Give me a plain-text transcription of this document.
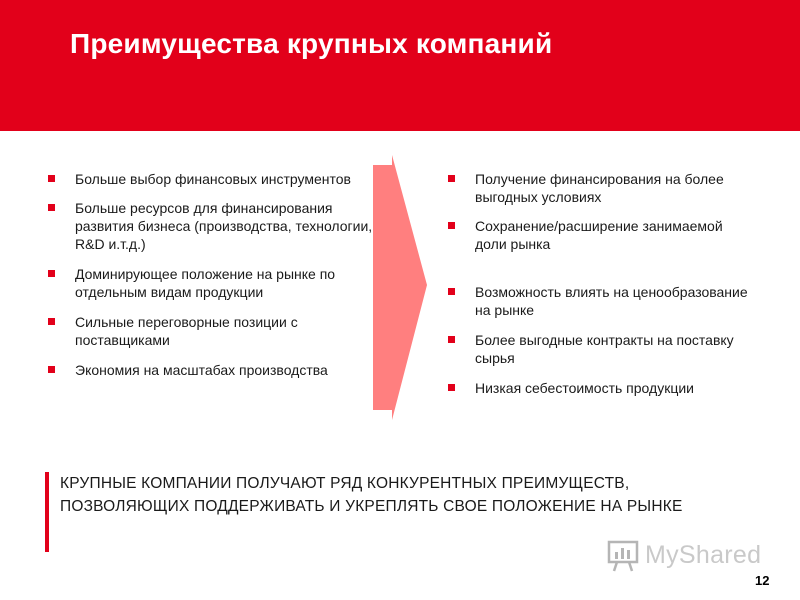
Преимущества крупных компаний
Больше выбор финансовых инструментов
Больше ресурсов для финансирования развития бизнеса (производства, технологии, R&D и.т.д.)
Доминирующее положение на рынке по отдельным видам продукции
Сильные переговорные позиции с поставщиками
Экономия на масштабах производства
Получение финансирования на более выгодных условиях
Сохранение/расширение занимаемой доли рынка
Возможность влиять на ценообразование на рынке
Более выгодные контракты на поставку сырья
Низкая себестоимость продукции
КРУПНЫЕ КОМПАНИИ ПОЛУЧАЮТ РЯД КОНКУРЕНТНЫХ ПРЕИМУЩЕСТВ, ПОЗВОЛЯЮЩИХ ПОДДЕРЖИВАТЬ И УКРЕПЛЯТЬ СВОЕ ПОЛОЖЕНИЕ НА РЫНКЕ
MyShared
12
